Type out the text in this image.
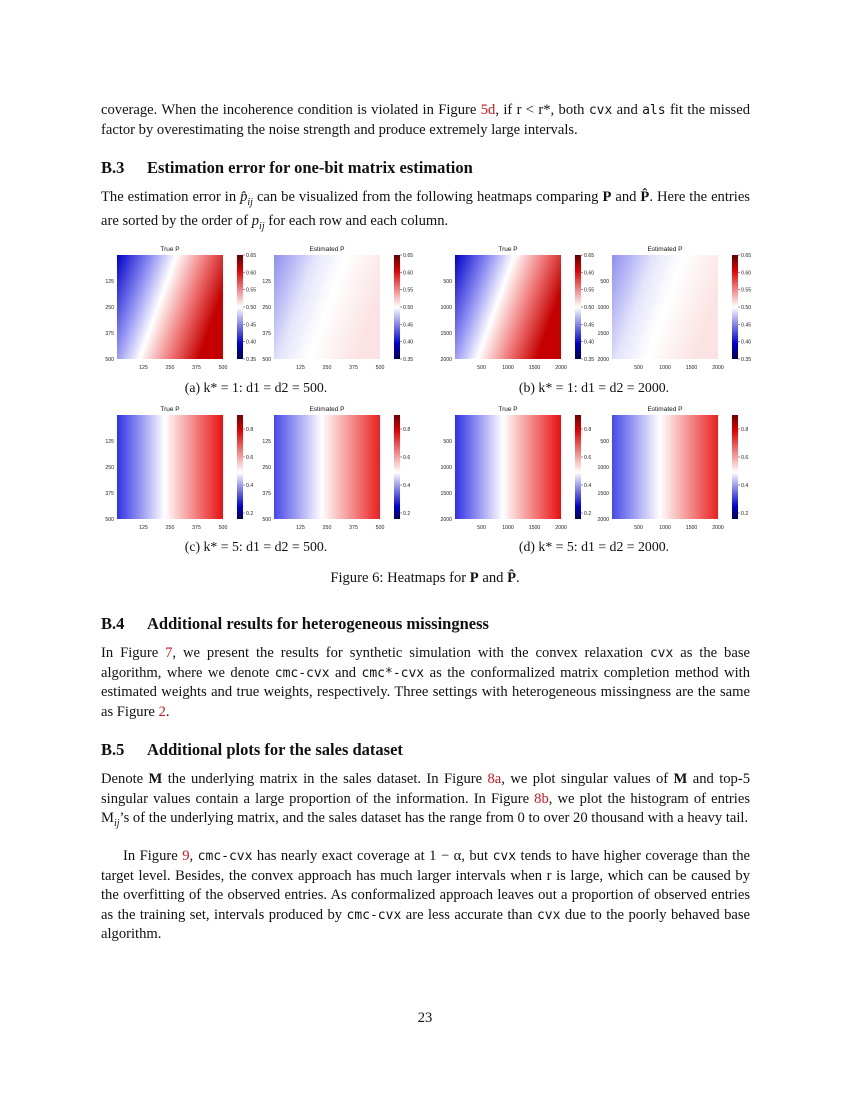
coverage. When the incoherence condition is violated in Figure 5d, if r < r*, both cvx and als fit the missed factor by overestimating the noise strength and produce extremely large intervals.

B.3 Estimation error for one-bit matrix estimation

The estimation error in $p̂_{ij}$ can be visualized from the following heatmaps comparing P and P̂. Here the entries are sorted by the order of $p_{ij}$ for each row and each column.

True P
125
250
375
500
125	250	375	500
0.65
0.60
0.55
0.50
0.45
0.40
0.35
Estimated P
125
250
375
500
125	250	375	500
0.65
0.60
0.55
0.50
0.45
0.40
0.35
True P
500
1000
1500
2000
500	1000	1500	2000
0.65
0.60
0.55
0.50
0.45
0.40
0.35
Estimated P
500
1000
1500
2000
500	1000	1500	2000
0.65
0.60
0.55
0.50
0.45
0.40
0.35
True P
125
250
375
500
125	250	375	500
0.8
0.6
0.4
0.2
Estimated P
125
250
375
500
125	250	375	500
0.8
0.6
0.4
0.2
True P
500
1000
1500
2000
500	1000	1500	2000
0.8
0.6
0.4
0.2
Estimated P
500
1000
1500
2000
500	1000	1500	2000
0.8
0.6
0.4
0.2
(a) k* = 1: d1 = d2 = 500.	(b) k* = 1: d1 = d2 = 2000.
(c) k* = 5: d1 = d2 = 500.	(d) k* = 5: d1 = d2 = 2000.
Figure 6: Heatmaps for P and P̂.
B.4 Additional results for heterogeneous missingness

In Figure 7, we present the results for synthetic simulation with the convex relaxation cvx as the base algorithm, where we denote cmc-cvx and cmc*-cvx as the conformalized matrix completion method with estimated weights and true weights, respectively. Three settings with heterogeneous missingness are the same as Figure 2.

B.5 Additional plots for the sales dataset

Denote M the underlying matrix in the sales dataset. In Figure 8a, we plot singular values of M and top-5 singular values contain a large proportion of the information. In Figure 8b, we plot the histogram of entries $M_{ij}’s$ of the underlying matrix, and the sales dataset has the range from 0 to over 20 thousand with a heavy tail.

In Figure 9, cmc-cvx has nearly exact coverage at 1 − α, but cvx tends to have higher coverage than the target level. Besides, the convex approach has much larger intervals when r is large, which can be caused by the overfitting of the observed entries. As conformalized approach leaves out a proportion of observed entries as the training set, intervals produced by cmc-cvx are less accurate than cvx due to the poorly behaved base algorithm.

23
